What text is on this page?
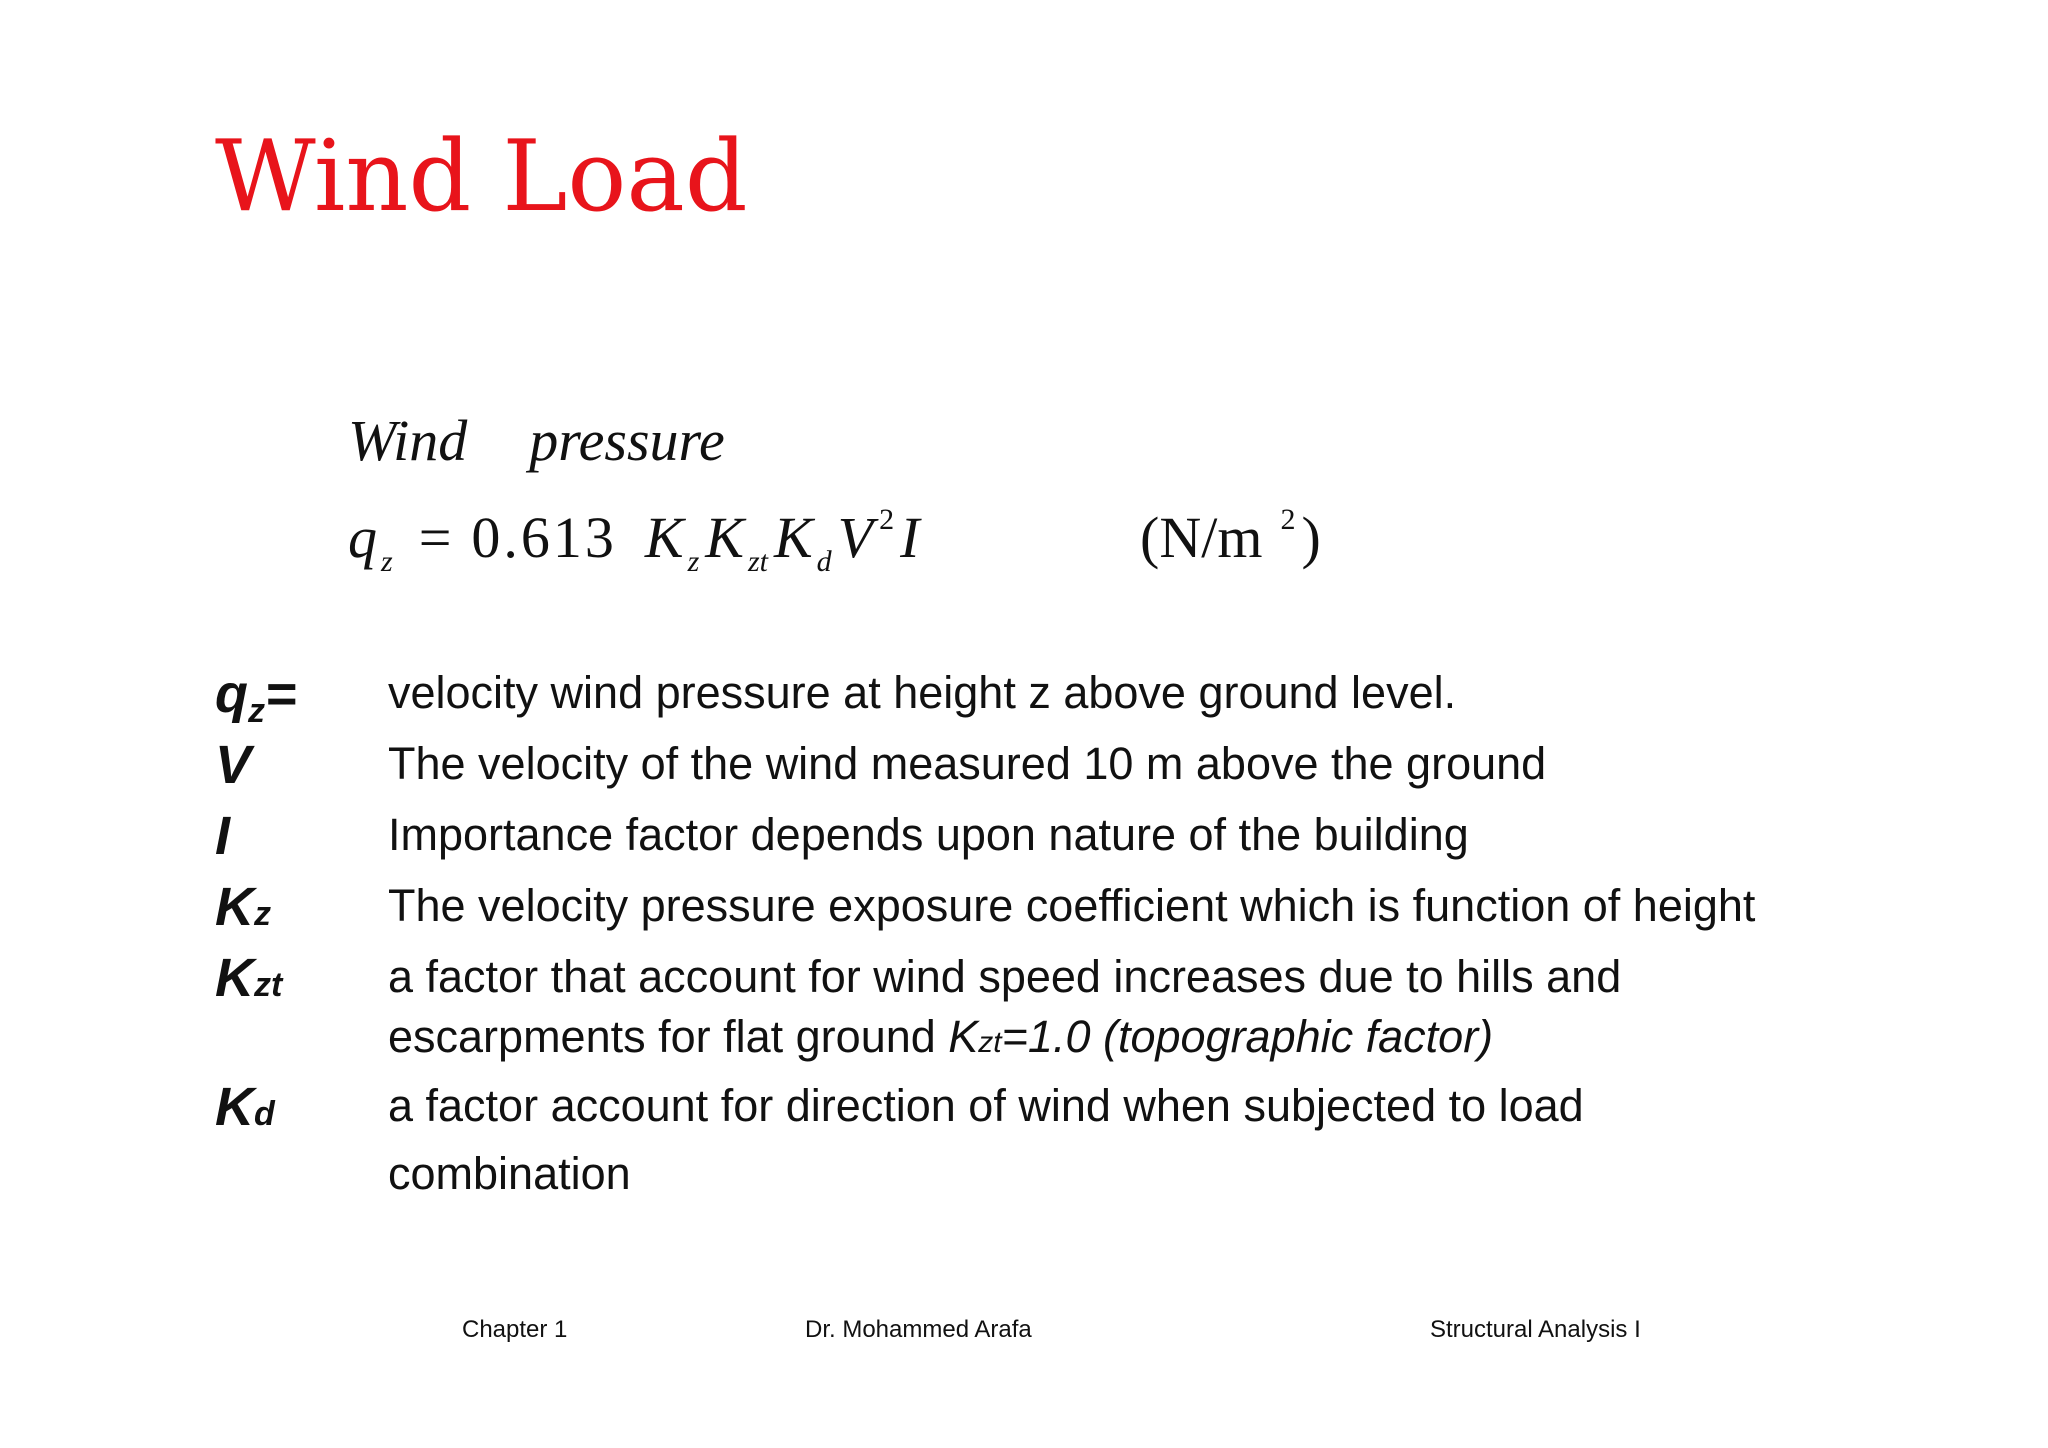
Wind Load
Wind pressure
q $_z$ = 0.613 K $_z$ K $_{zt}$ K $_d$ V $^2$ I	(N/m $^2$ )
qz= velocity wind pressure at height z above ground level.
V	The velocity of the wind measured 10 m above the ground
I	Importance factor depends upon nature of the building
Kz	The velocity pressure exposure coefficient which is function of height
Kzt a factor that account for wind speed increases due to hills and
escarpments for flat ground Kzt=1.0 (topographic factor)
Kd	a factor account for direction of wind when subjected to load
combination
Chapter 1	Dr. Mohammed Arafa	Structural Analysis I
